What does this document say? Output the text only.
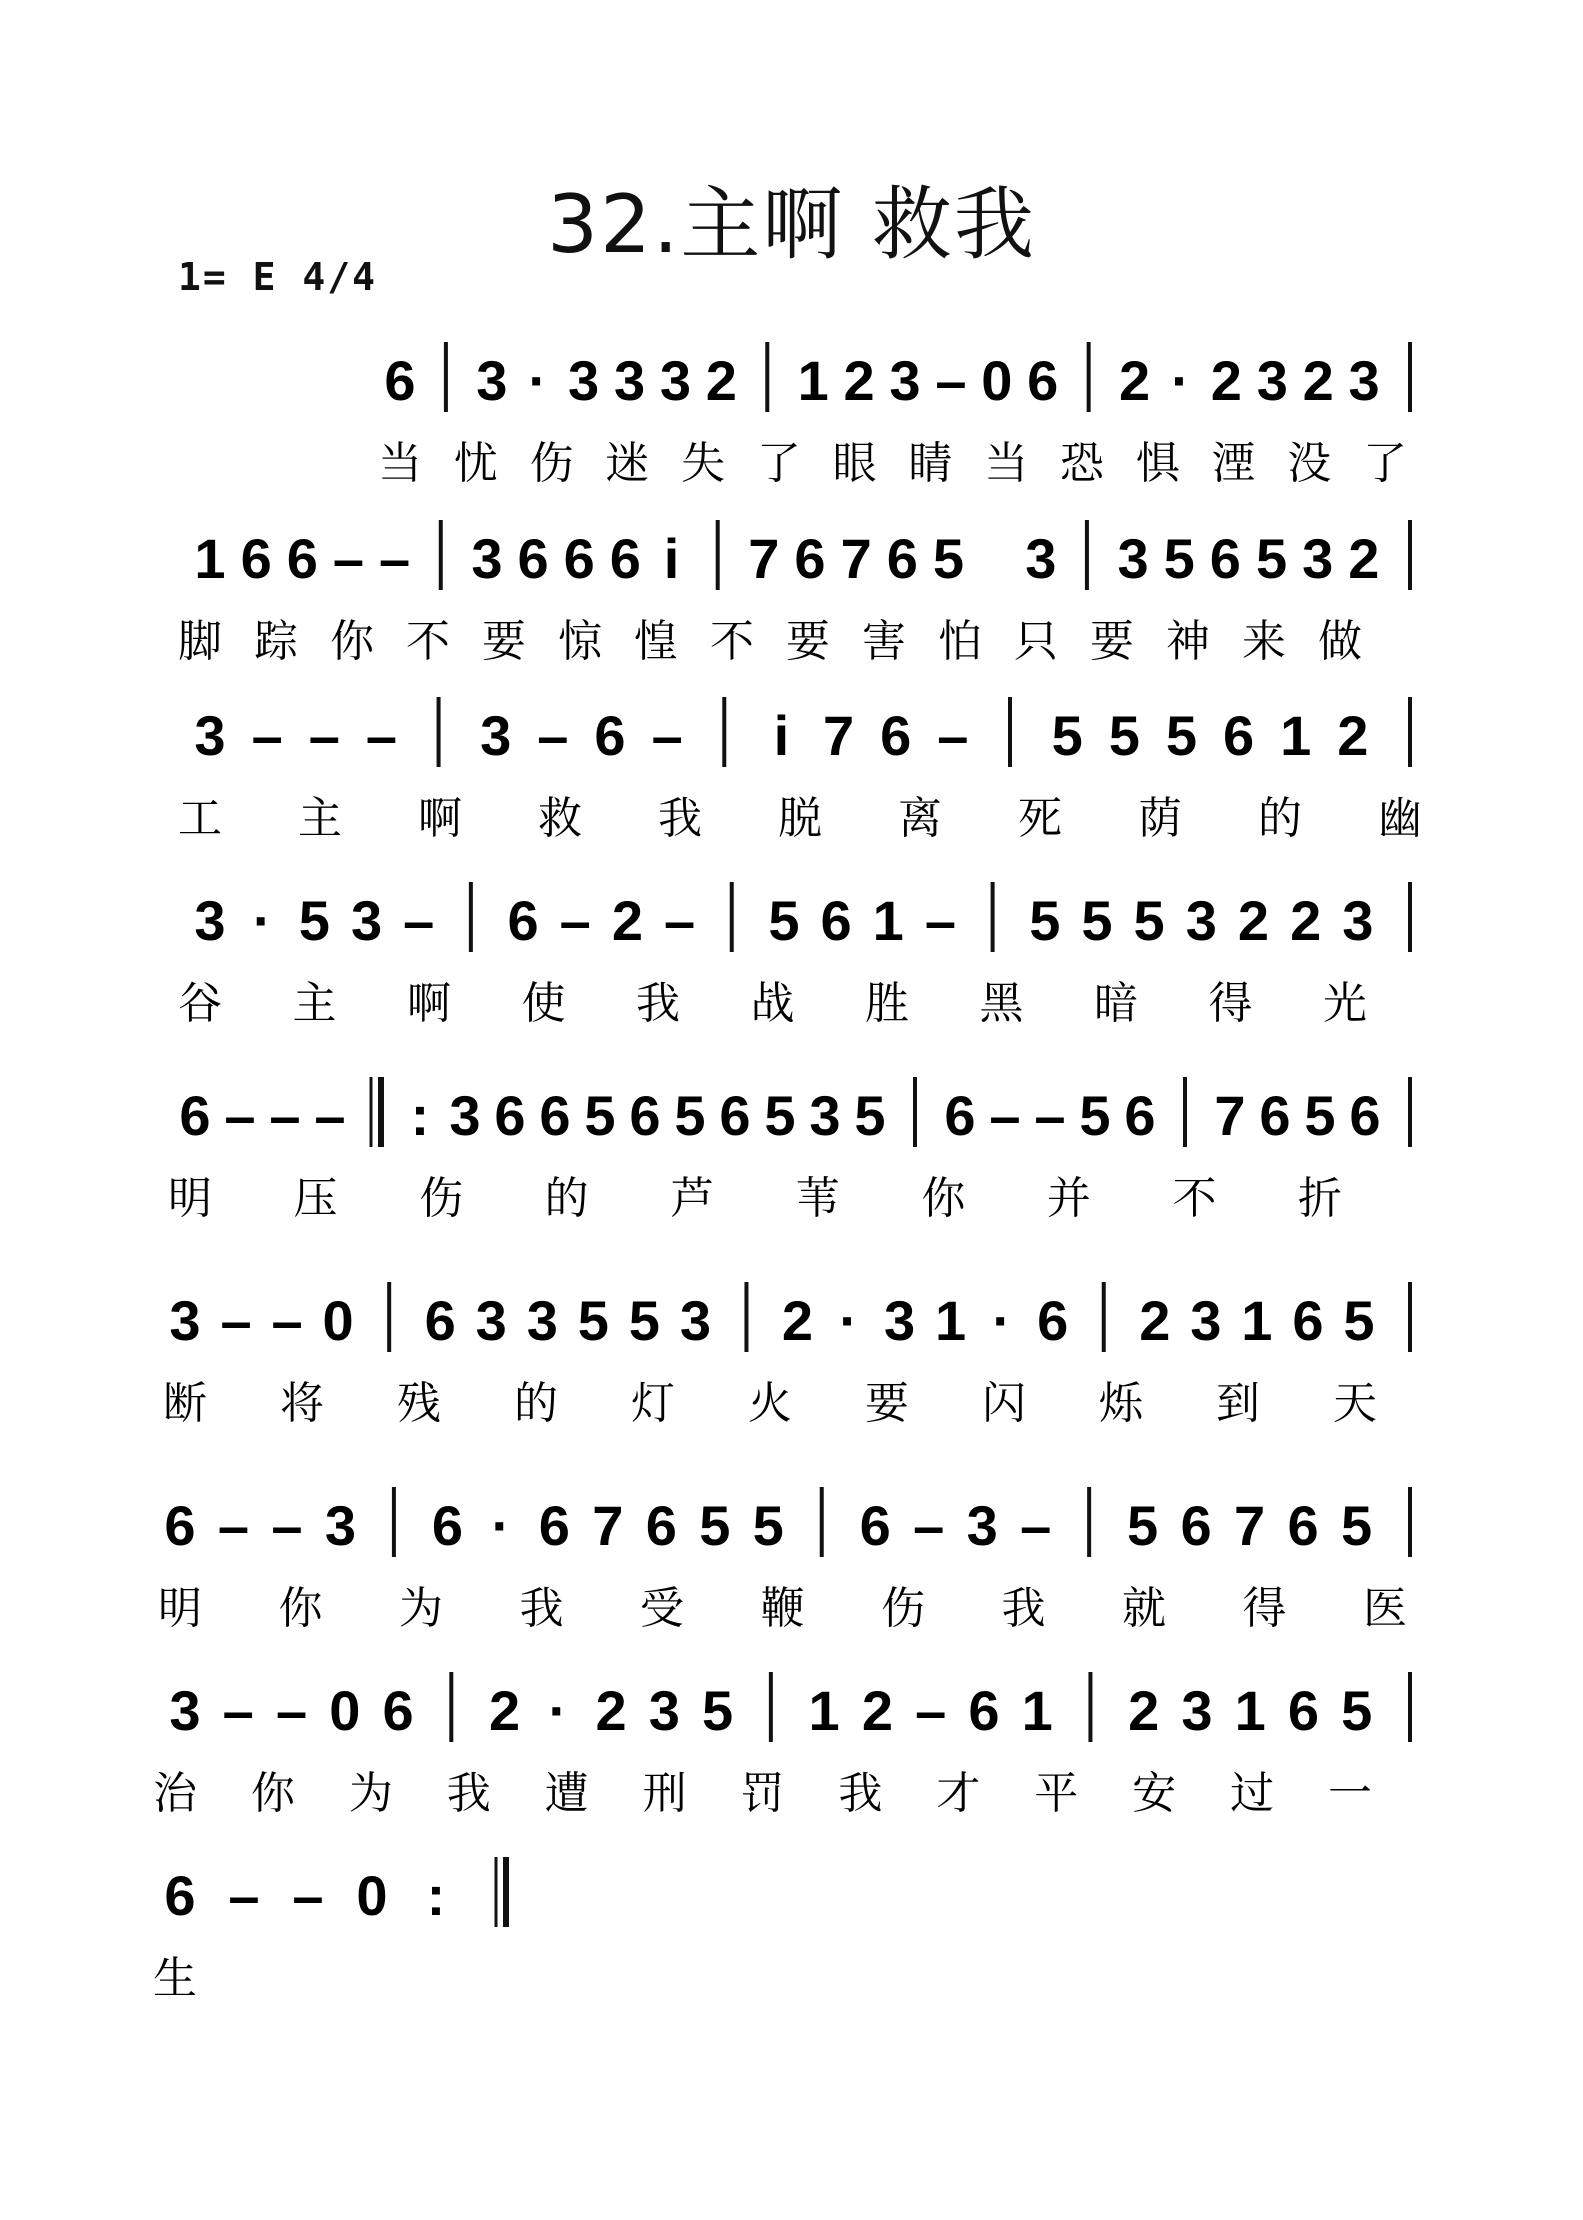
32.主啊 救我
1= E 4/4
6 3 · 3 3 3 2 1 2 3 – 0 6 2 · 2 3 2 3
当 忧 伤 迷 失 了 眼 睛 当 恐 惧 湮 没 了
1 6 6 – – 3 6 6 6 i 7 6 7 6 5 3 3 5 6 5 3 2
脚 踪 你 不 要 惊 惶 不 要 害 怕 只 要 神 来 做
3 – – – 3 – 6 – i 7 6 – 5 5 5 6 1 2
工 主 啊 救 我 脱 离 死 荫 的 幽
3 · 5 3 – 6 – 2 – 5 6 1 – 5 5 5 3 2 2 3
谷 主 啊 使 我 战 胜 黑 暗 得 光
6 – – – : 3 6 6 5 6 5 6 5 3 5 6 – – 5 6 7 6 5 6
明 压 伤 的 芦 苇 你 并 不 折
3 – – 0 6 3 3 5 5 3 2 · 3 1 · 6 2 3 1 6 5
断 将 残 的 灯 火 要 闪 烁 到 天
6 – – 3 6 · 6 7 6 5 5 6 – 3 – 5 6 7 6 5
明 你 为 我 受 鞭 伤 我 就 得 医
3 – – 0 6 2 · 2 3 5 1 2 – 6 1 2 3 1 6 5
治 你 为 我 遭 刑 罚 我 才 平 安 过 一
6 – – 0 :
生
